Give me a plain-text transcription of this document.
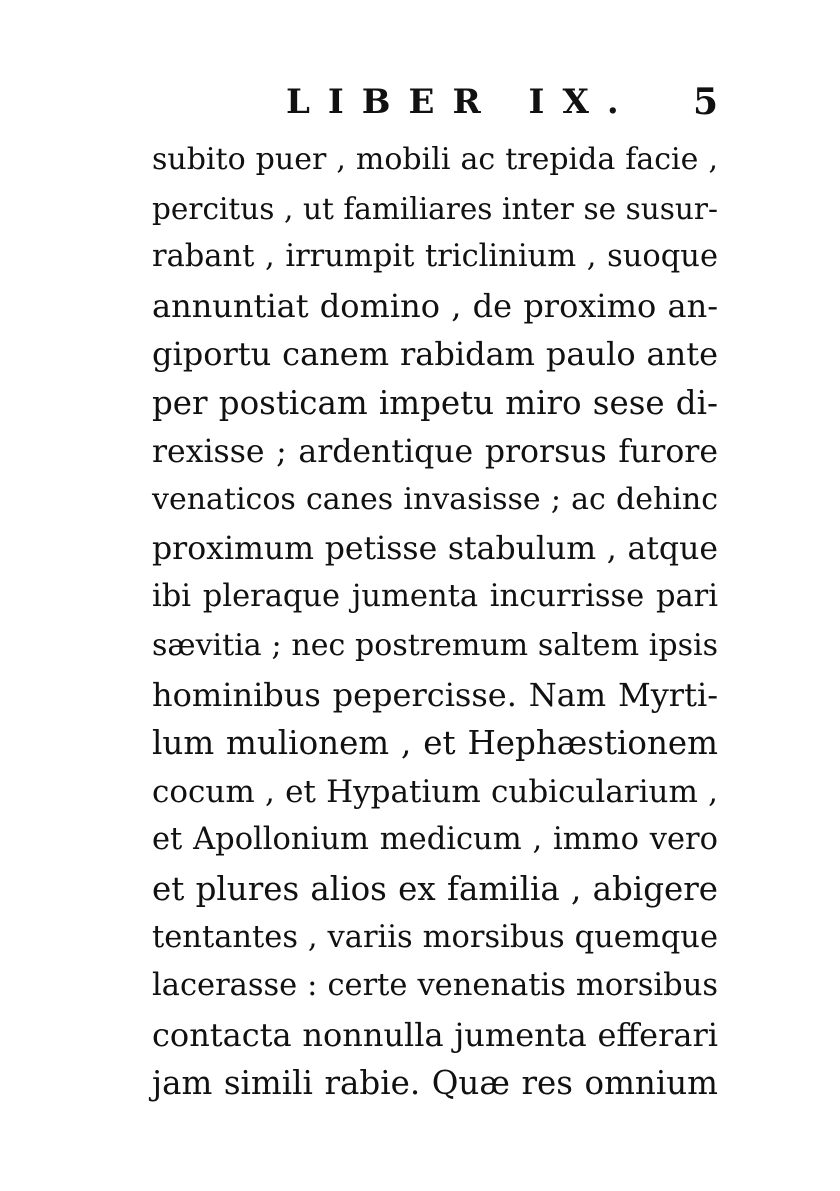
LIBER IX. 5
subito puer , mobili ac trepida facie ,
percitus , ut familiares inter se susur-
rabant , irrumpit triclinium , suoque
annuntiat domino , de proximo an-
giportu canem rabidam paulo ante
per posticam impetu miro sese di-
rexisse ; ardentique prorsus furore
venaticos canes invasisse ; ac dehinc
proximum petisse stabulum , atque
ibi pleraque jumenta incurrisse pari
sævitia ; nec postremum saltem ipsis
hominibus pepercisse. Nam Myrti-
lum mulionem , et Hephæstionem
cocum , et Hypatium cubicularium ,
et Apollonium medicum , immo vero
et plures alios ex familia , abigere
tentantes , variis morsibus quemque
lacerasse : certe venenatis morsibus
contacta nonnulla jumenta efferari
jam simili rabie. Quæ res omnium
